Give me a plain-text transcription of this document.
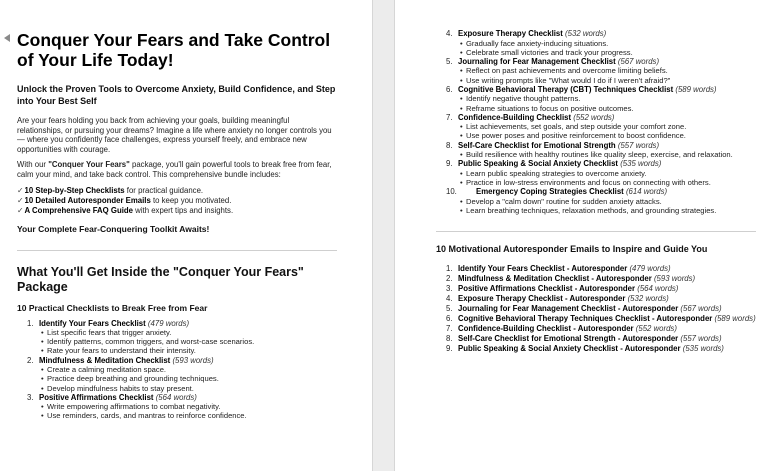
Conquer Your Fears and Take Control of Your Life Today!
Unlock the Proven Tools to Overcome Anxiety, Build Confidence, and Step into Your Best Self
Are your fears holding you back from achieving your goals, building meaningful relationships, or pursuing your dreams? Imagine a life where anxiety no longer controls you — where you confidently face challenges, express yourself freely, and embrace new opportunities with courage.
With our "Conquer Your Fears" package, you'll gain powerful tools to break free from fear, calm your mind, and take back control. This comprehensive bundle includes:
✓10 Step-by-Step Checklists for practical guidance.
✓10 Detailed Autoresponder Emails to keep you motivated.
✓A Comprehensive FAQ Guide with expert tips and insights.
Your Complete Fear-Conquering Toolkit Awaits!
What You'll Get Inside the "Conquer Your Fears" Package
10 Practical Checklists to Break Free from Fear
1. Identify Your Fears Checklist (479 words)
• List specific fears that trigger anxiety.
• Identify patterns, common triggers, and worst-case scenarios.
• Rate your fears to understand their intensity.
2. Mindfulness & Meditation Checklist (593 words)
• Create a calming meditation space.
• Practice deep breathing and grounding techniques.
• Develop mindfulness habits to stay present.
3. Positive Affirmations Checklist (564 words)
• Write empowering affirmations to combat negativity.
• Use reminders, cards, and mantras to reinforce confidence.
4. Exposure Therapy Checklist (532 words)
• Gradually face anxiety-inducing situations.
• Celebrate small victories and track your progress.
5. Journaling for Fear Management Checklist (567 words)
• Reflect on past achievements and overcome limiting beliefs.
• Use writing prompts like "What would I do if I weren't afraid?"
6. Cognitive Behavioral Therapy (CBT) Techniques Checklist (589 words)
• Identify negative thought patterns.
• Reframe situations to focus on positive outcomes.
7. Confidence-Building Checklist (552 words)
• List achievements, set goals, and step outside your comfort zone.
• Use power poses and positive reinforcement to boost confidence.
8. Self-Care Checklist for Emotional Strength (557 words)
• Build resilience with healthy routines like quality sleep, exercise, and relaxation.
9. Public Speaking & Social Anxiety Checklist (535 words)
• Learn public speaking strategies to overcome anxiety.
• Practice in low-stress environments and focus on connecting with others.
10. Emergency Coping Strategies Checklist (614 words)
• Develop a "calm down" routine for sudden anxiety attacks.
• Learn breathing techniques, relaxation methods, and grounding strategies.
10 Motivational Autoresponder Emails to Inspire and Guide You
1. Identify Your Fears Checklist - Autoresponder (479 words)
2. Mindfulness & Meditation Checklist - Autoresponder (593 words)
3. Positive Affirmations Checklist - Autoresponder (564 words)
4. Exposure Therapy Checklist - Autoresponder (532 words)
5. Journaling for Fear Management Checklist - Autoresponder (567 words)
6. Cognitive Behavioral Therapy Techniques Checklist - Autoresponder (589 words)
7. Confidence-Building Checklist - Autoresponder (552 words)
8. Self-Care Checklist for Emotional Strength - Autoresponder (557 words)
9. Public Speaking & Social Anxiety Checklist - Autoresponder (535 words)
